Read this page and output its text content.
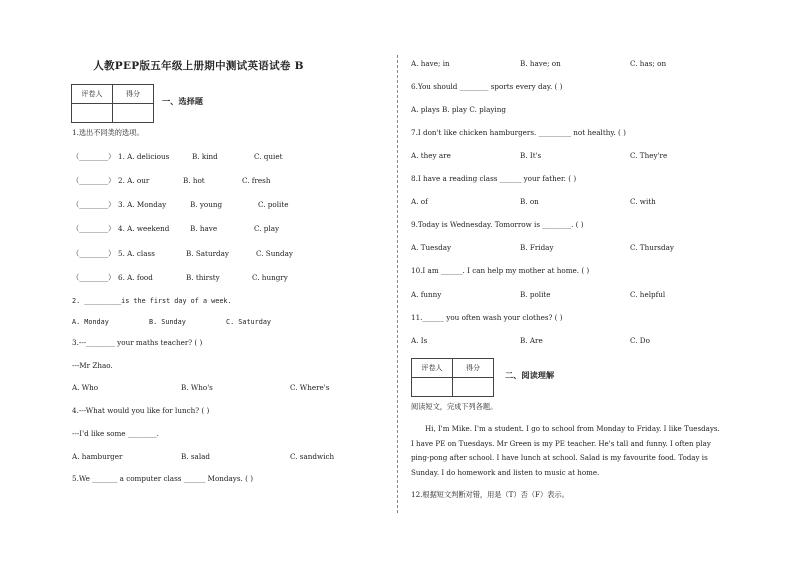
人教PEP版五年级上册期中测试英语试卷 B
评卷人	得分

一、选择题
1.选出不同类的选项。
（________） 1. A. delicious	B. kind	C. quiet
（________） 2. A. our	B. hot	C. fresh
（________） 3. A. Monday	B. young	C. polite
（________） 4. A. weekend	B. have	C. play
（________） 5. A. class	B. Saturday	C. Sunday
（________） 6. A. food	B. thirsty	C. hungry
2. _________is the first day of a week.
A. Monday	B. Sunday	C. Saturday
3.---________ your maths teacher? ( )
---Mr Zhao.
A. Who	B. Who's	C. Where's
4.---What would you like for lunch? ( )
---I'd like some ________.
A. hamburger	B. salad	C. sandwich
5.We _______ a computer class ______ Mondays. ( )
A. have; in	B. have; on	C. has; on
6.You should ________ sports every day. ( )
A. plays B. play C. playing
7.I don't like chicken hamburgers. _________ not healthy. ( )
A. they are	B. It's	C. They're
8.I have a reading class ______ your father. ( )
A. of	B. on	C. with
9.Today is Wednesday. Tomorrow is ________. ( )
A. Tuesday	B. Friday	C. Thursday
10.I am ______. I can help my mother at home. ( )
A. funny	B. polite	C. helpful
11.______ you often wash your clothes? ( )
A. Is	B. Are	C. Do
评卷人	得分

二、阅读理解
阅读短文，完成下列各题。
Hi, I'm Mike. I'm a student. I go to school from Monday to Friday. I like Tuesdays. I have PE on Tuesdays. Mr Green is my PE teacher. He's tall and funny. I often play ping-pong after school. I have lunch at school. Salad is my favourite food. Today is Sunday. I do homework and listen to music at home.
12.根据短文判断对错，用是（T）否（F）表示。
